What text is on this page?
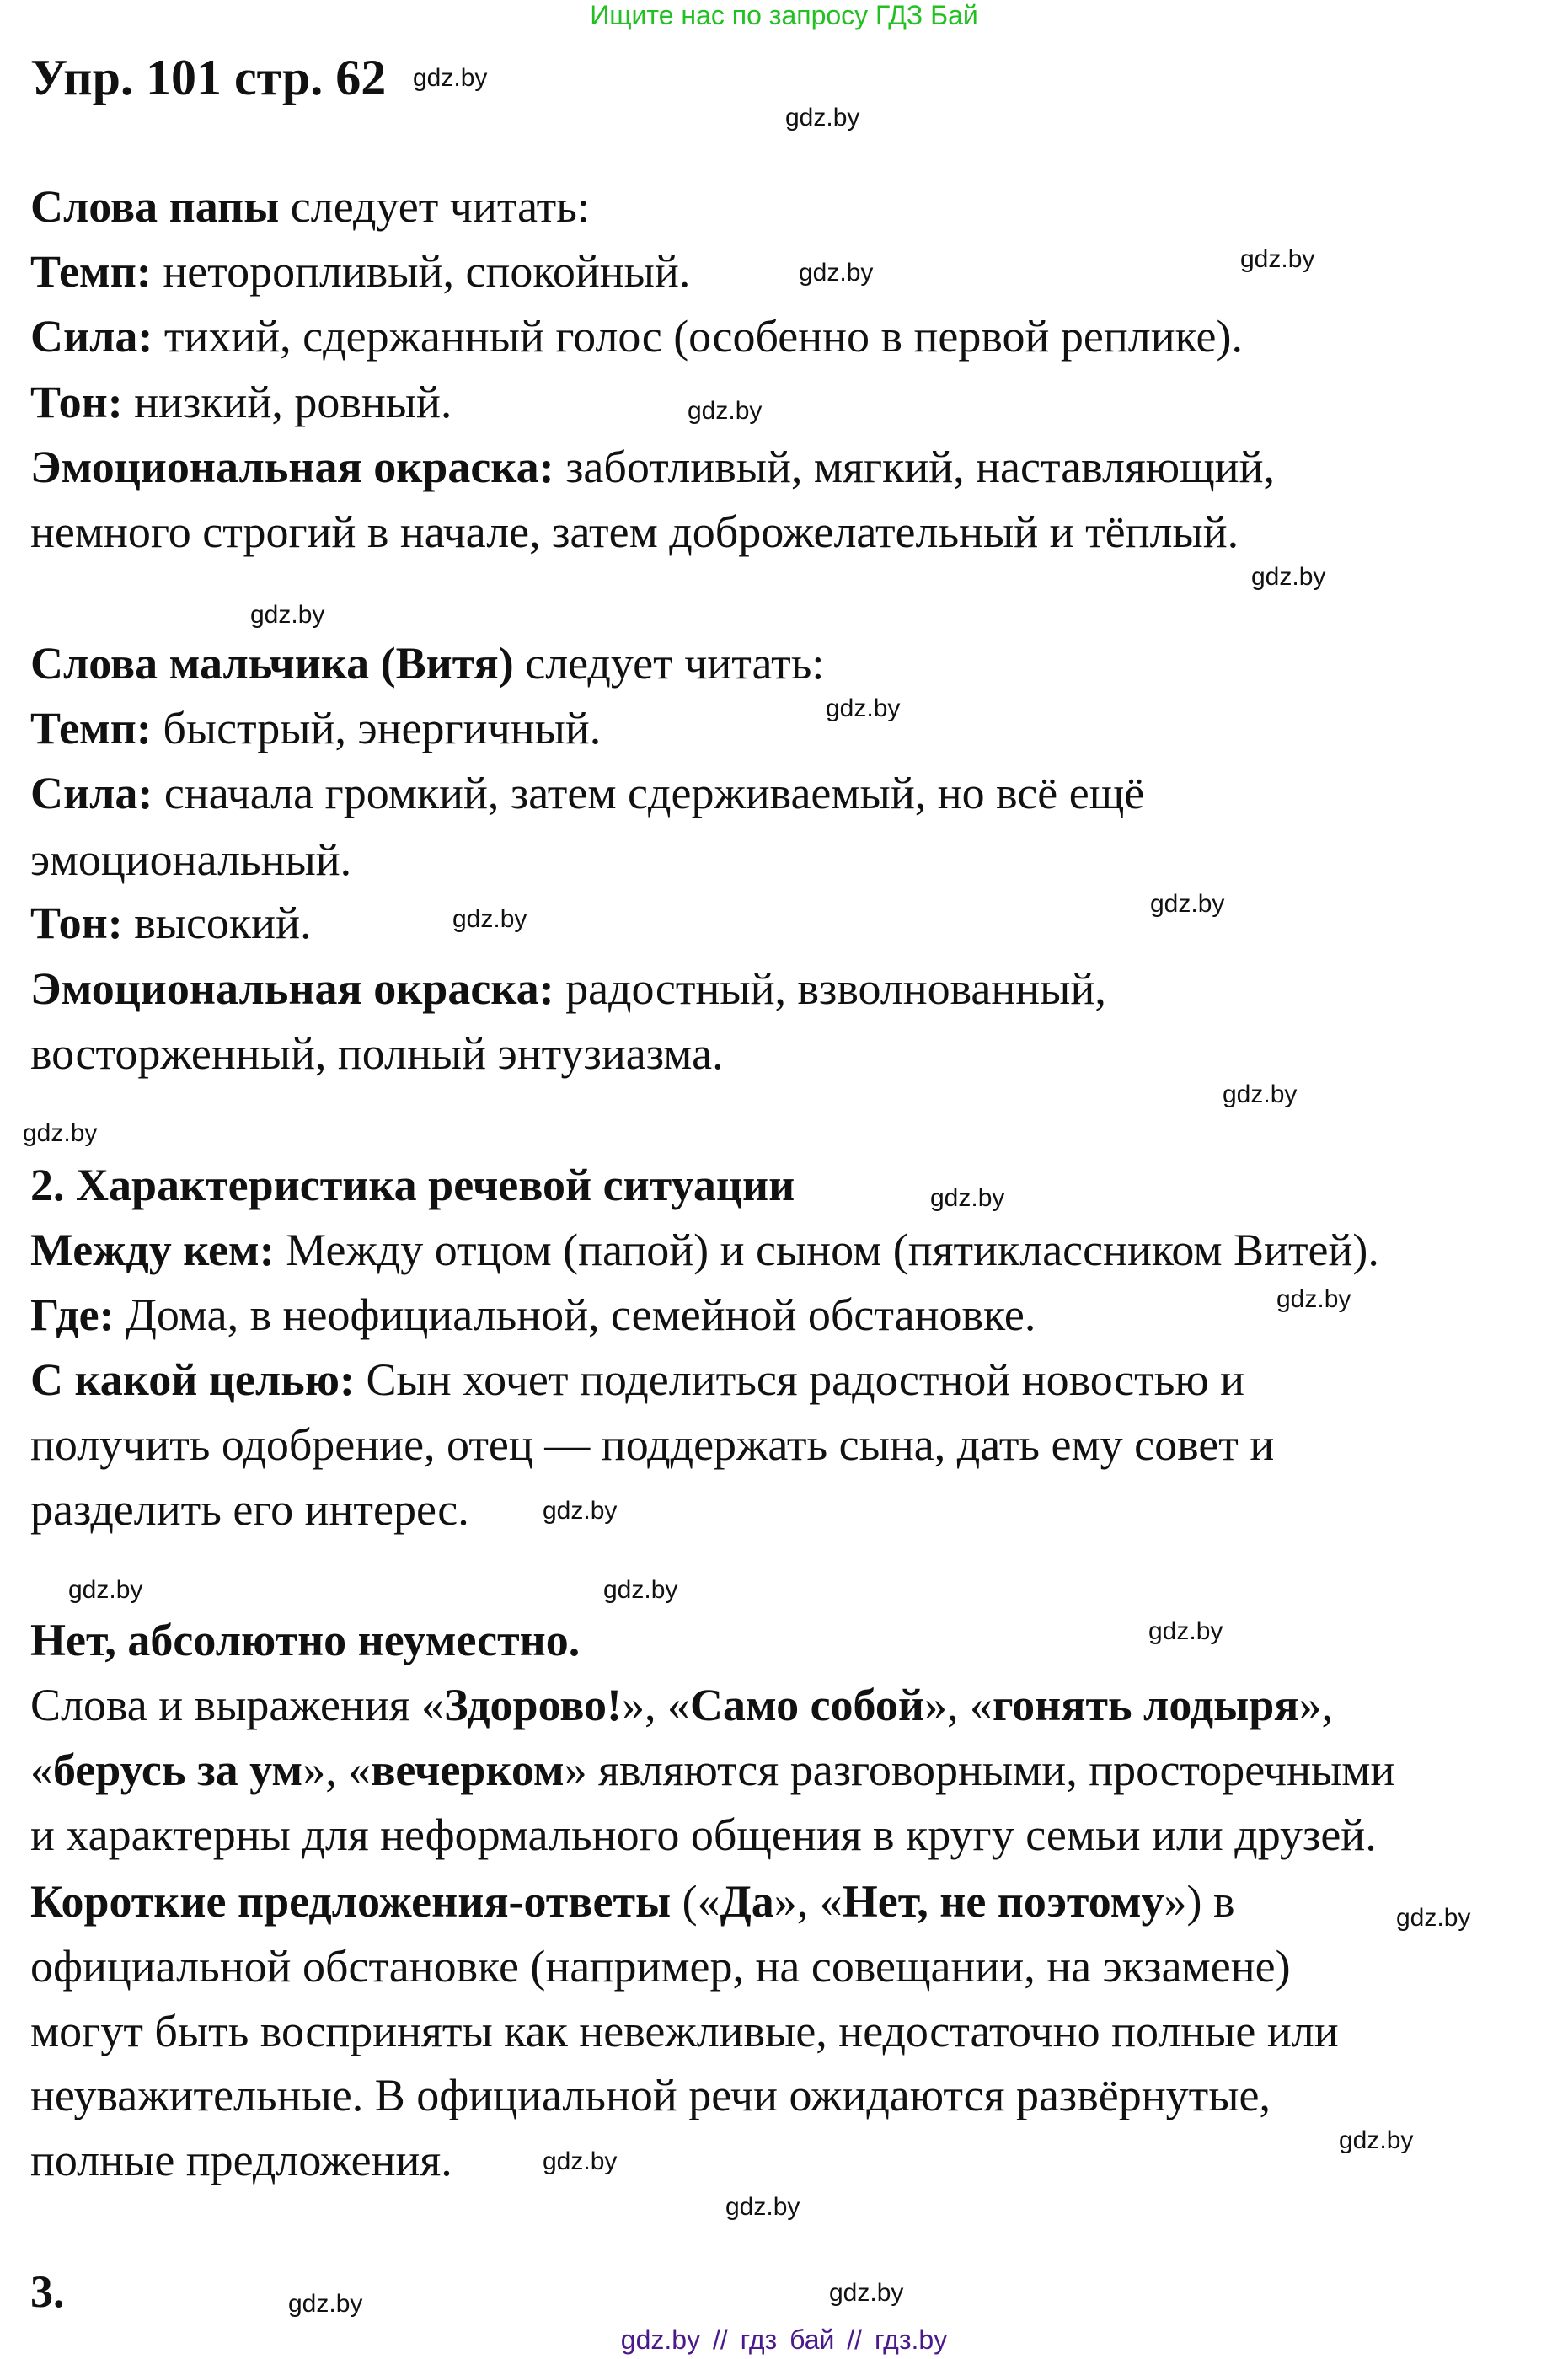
Ищите нас по запросу ГДЗ Бай
Упр. 101 стр. 62
Слова папы следует читать:
Темп: неторопливый, спокойный.
Сила: тихий, сдержанный голос (особенно в первой реплике).
Тон: низкий, ровный.
Эмоциональная окраска: заботливый, мягкий, наставляющий,
немного строгий в начале, затем доброжелательный и тёплый.
Слова мальчика (Витя) следует читать:
Темп: быстрый, энергичный.
Сила: сначала громкий, затем сдерживаемый, но всё ещё
эмоциональный.
Тон: высокий.
Эмоциональная окраска: радостный, взволнованный,
восторженный, полный энтузиазма.
2. Характеристика речевой ситуации
Между кем: Между отцом (папой) и сыном (пятиклассником Витей).
Где: Дома, в неофициальной, семейной обстановке.
С какой целью: Сын хочет поделиться радостной новостью и
получить одобрение, отец — поддержать сына, дать ему совет и
разделить его интерес.
Нет, абсолютно неуместно.
Слова и выражения «Здорово!», «Само собой», «гонять лодыря»,
«берусь за ум», «вечерком» являются разговорными, просторечными
и характерны для неформального общения в кругу семьи или друзей.
Короткие предложения-ответы («Да», «Нет, не поэтому») в
официальной обстановке (например, на совещании, на экзамене)
могут быть восприняты как невежливые, недостаточно полные или
неуважительные. В официальной речи ожидаются развёрнутые,
полные предложения.
3.
gdz.by
gdz.by
gdz.by
gdz.by
gdz.by
gdz.by
gdz.by
gdz.by
gdz.by
gdz.by
gdz.by
gdz.by
gdz.by
gdz.by
gdz.by
gdz.by
gdz.by
gdz.by
gdz.by
gdz.by
gdz.by
gdz.by
gdz.by
gdz.by
gdz.by // гдз бай // гдз.by
